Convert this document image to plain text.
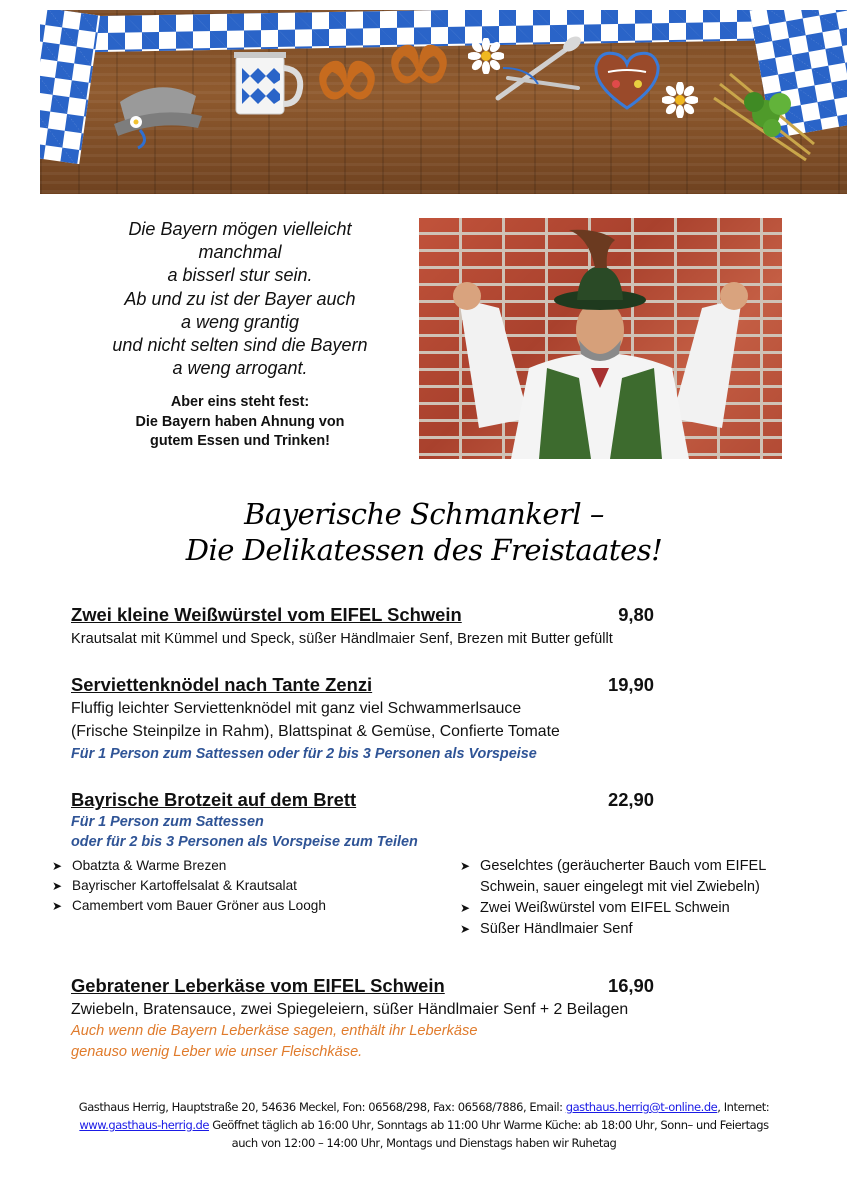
Die Bayern mögen vielleicht
manchmal
a bisserl stur sein.
Ab und zu ist der Bayer auch
a weng grantig
und nicht selten sind die Bayern
a weng arrogant.
Aber eins steht fest:
Die Bayern haben Ahnung von
gutem Essen und Trinken!
Bayerische Schmankerl –
Die Delikatessen des Freistaates!
Zwei kleine Weißwürstel vom EIFEL Schwein	9,80
Krautsalat mit Kümmel und Speck, süßer Händlmaier Senf, Brezen mit Butter gefüllt
Serviettenknödel nach Tante Zenzi	19,90
Fluffig leichter Serviettenknödel mit ganz viel Schwammerlsauce
(Frische Steinpilze in Rahm), Blattspinat & Gemüse, Confierte Tomate
Für 1 Person zum Sattessen oder für 2 bis 3 Personen als Vorspeise
Bayrische Brotzeit auf dem Brett	22,90
Für 1 Person zum Sattessen
oder für 2 bis 3 Personen als Vorspeise zum Teilen
➤ Obatzta & Warme Brezen
➤ Bayrischer Kartoffelsalat & Krautsalat
➤ Camembert vom Bauer Gröner aus Loogh
➤ Geselchtes (geräucherter Bauch vom EIFEL
Schwein, sauer eingelegt mit viel Zwiebeln)
➤ Zwei Weißwürstel vom EIFEL Schwein
➤ Süßer Händlmaier Senf
Gebratener Leberkäse vom EIFEL Schwein	16,90
Zwiebeln, Bratensauce, zwei Spiegeleiern, süßer Händlmaier Senf + 2 Beilagen
Auch wenn die Bayern Leberkäse sagen, enthält ihr Leberkäse
genauso wenig Leber wie unser Fleischkäse.
Gasthaus Herrig, Hauptstraße 20, 54636 Meckel, Fon: 06568/298, Fax: 06568/7886, Email: gasthaus.herrig@t-online.de, Internet:
www.gasthaus-herrig.de Geöffnet täglich ab 16:00 Uhr, Sonntags ab 11:00 Uhr Warme Küche: ab 18:00 Uhr, Sonn– und Feiertags
auch von 12:00 – 14:00 Uhr, Montags und Dienstags haben wir Ruhetag
